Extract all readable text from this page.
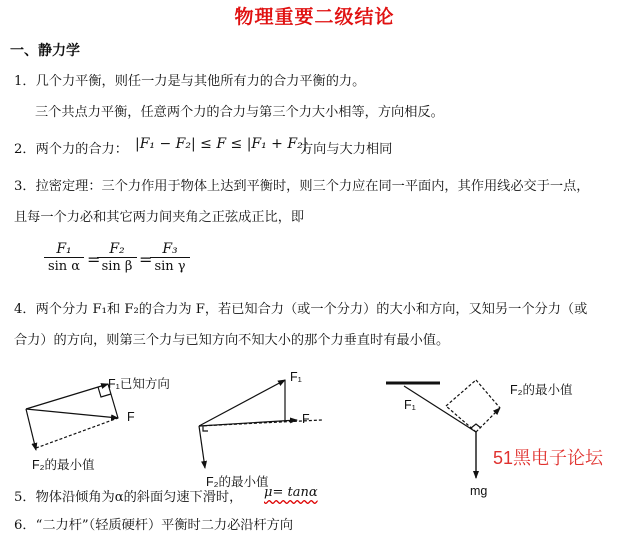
物理重要二级结论
一、静力学
1．几个力平衡，则任一力是与其他所有力的合力平衡的力。
三个共点力平衡，任意两个力的合力与第三个力大小相等，方向相反。
2．两个力的合力： |F₁ − F₂| ≤ F ≤ |F₁ + F₂|
方向与大力相同
3．拉密定理：三个力作用于物体上达到平衡时，则三个力应在同一平面内，其作用线必交于一点，
且每一个力必和其它两力间夹角之正弦成正比，即
$\frac{\text{F₁}}{\text{sin α}}$ =
$\frac{\text{F₂}}{\text{sin β}}$ =
$\frac{\text{F₃}}{\text{sin γ}}$
4．两个分力 F₁和 F₂的合力为 F，若已知合力（或一个分力）的大小和方向，又知另一个分力（或
合力）的方向，则第三个力与已知方向不知大小的那个力垂直时有最小值。
F₁已知方向
F
F₂的最小值
F₁
F
F₂的最小值
F₁
F₂的最小值
mg
51黑电子论坛
5．物体沿倾角为α的斜面匀速下滑时， μ= tanα
6．“二力杆”（轻质硬杆）平衡时二力必沿杆方向
